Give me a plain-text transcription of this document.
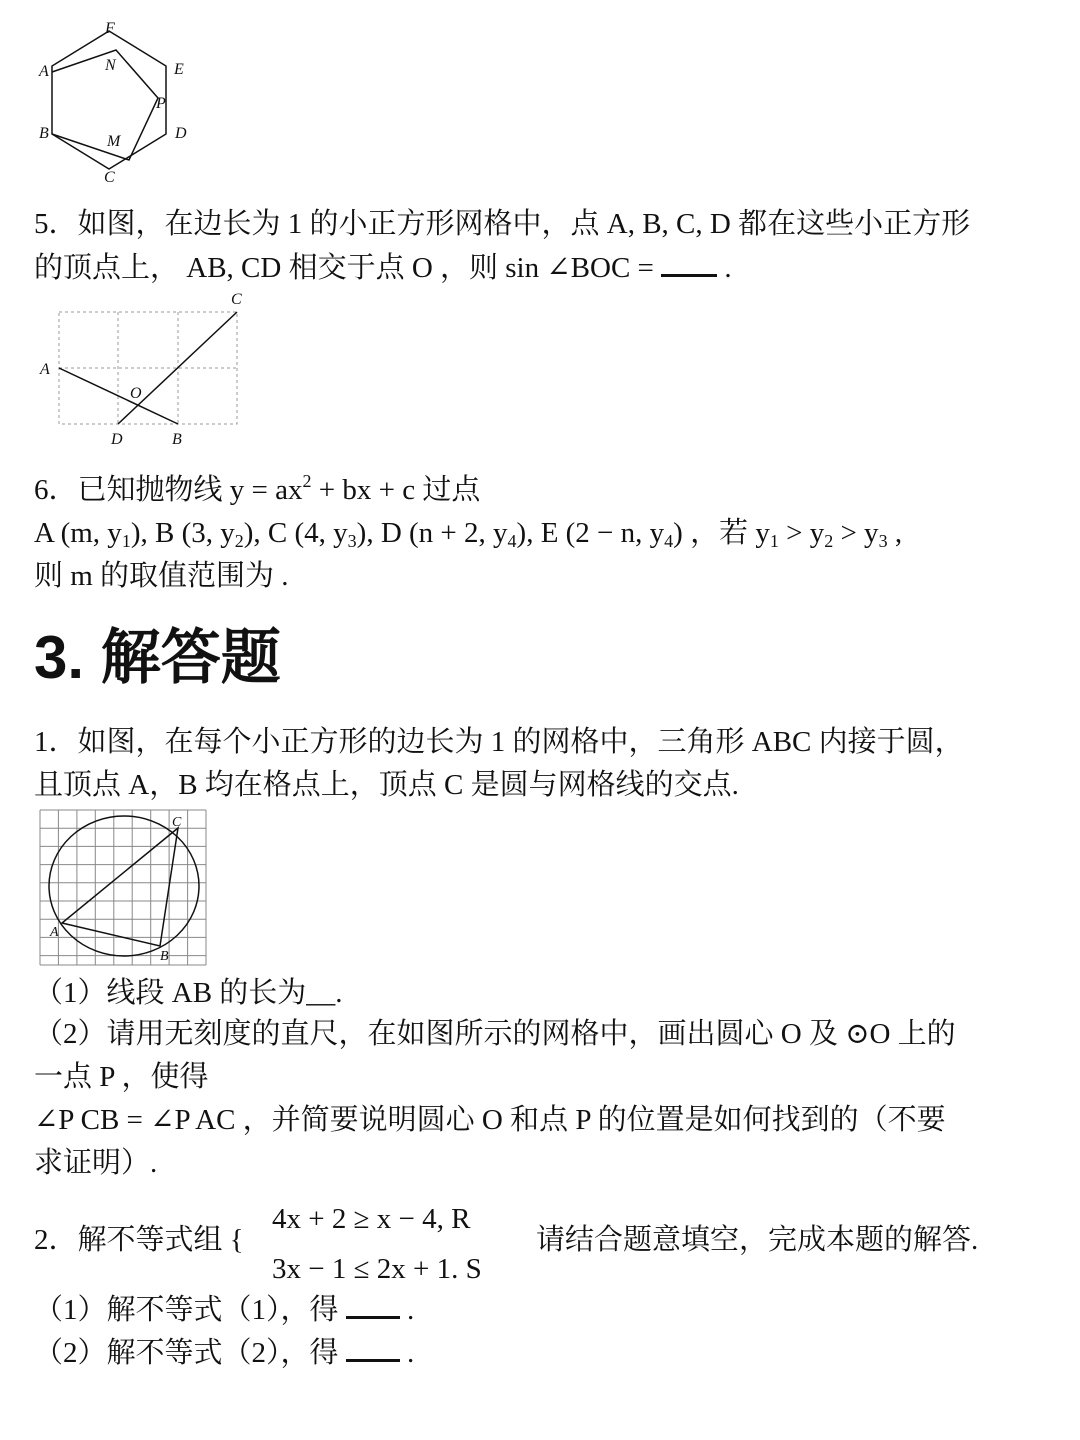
F
A	E
N
P
B	D
M
C
5．如图，在边长为 1 的小正方形网格中，点 A, B, C, D 都在这些小正方形
的顶点上， AB, CD 相交于点 O ，则 sin ∠BOC =  .
C
A
O
D	B
6．已知抛物线 $y = ax^2$ + bx + c 过点
A (m, $y_1$), B (3, $y_2$), C (4, $y_3$), D (n + 2, $y_4$), E (2 − n, $y_4$) ，若 $y_1 > y_2 > y_3$ ,
则 m 的取值范围为 .
3. 解答题
1．如图，在每个小正方形的边长为 1 的网格中，三角形 ABC 内接于圆，
且顶点 A，B 均在格点上，顶点 C 是圆与网格线的交点.
A
B
C
（1）线段 AB 的长为__.
（2）请用无刻度的直尺，在如图所示的网格中，画出圆心 O 及 ⊙O 上的
一点 P ，使得
∠P CB = ∠P AC ，并简要说明圆心 O 和点 P 的位置是如何找到的（不要
求证明）.
2．解不等式组 {
4x + 2 ≥ x − 4, R
3x − 1 ≤ 2x + 1. S
请结合题意填空，完成本题的解答.
（1）解不等式（1），得 .
（2）解不等式（2），得 .
